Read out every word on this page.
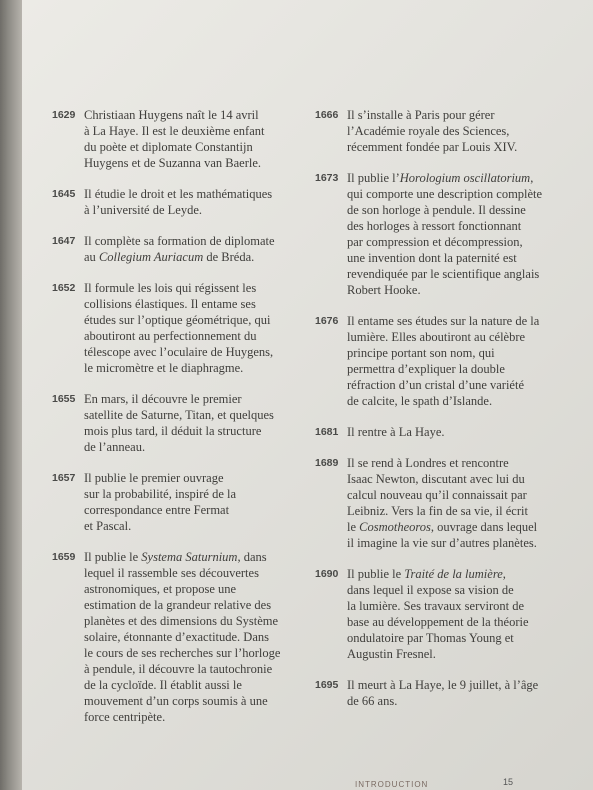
1629 Christiaan Huygens naît le 14 avril
à La Haye. Il est le deuxième enfant
du poète et diplomate Constantijn
Huygens et de Suzanna van Baerle.
1645 Il étudie le droit et les mathématiques
à l’université de Leyde.
1647 Il complète sa formation de diplomate
au Collegium Auriacum de Bréda.
1652 Il formule les lois qui régissent les
collisions élastiques. Il entame ses
études sur l’optique géométrique, qui
aboutiront au perfectionnement du
télescope avec l’oculaire de Huygens,
le micromètre et le diaphragme.
1655 En mars, il découvre le premier
satellite de Saturne, Titan, et quelques
mois plus tard, il déduit la structure
de l’anneau.
1657 Il publie le premier ouvrage
sur la probabilité, inspiré de la
correspondance entre Fermat
et Pascal.
1659 Il publie le Systema Saturnium, dans
lequel il rassemble ses découvertes
astronomiques, et propose une
estimation de la grandeur relative des
planètes et des dimensions du Système
solaire, étonnante d’exactitude. Dans
le cours de ses recherches sur l’horloge
à pendule, il découvre la tautochronie
de la cycloïde. Il établit aussi le
mouvement d’un corps soumis à une
force centripète.
1666 Il s’installe à Paris pour gérer
l’Académie royale des Sciences,
récemment fondée par Louis XIV.
1673 Il publie l’Horologium oscillatorium,
qui comporte une description complète
de son horloge à pendule. Il dessine
des horloges à ressort fonctionnant
par compression et décompression,
une invention dont la paternité est
revendiquée par le scientifique anglais
Robert Hooke.
1676 Il entame ses études sur la nature de la
lumière. Elles aboutiront au célèbre
principe portant son nom, qui
permettra d’expliquer la double
réfraction d’un cristal d’une variété
de calcite, le spath d’Islande.
1681 Il rentre à La Haye.
1689 Il se rend à Londres et rencontre
Isaac Newton, discutant avec lui du
calcul nouveau qu’il connaissait par
Leibniz. Vers la fin de sa vie, il écrit
le Cosmotheoros, ouvrage dans lequel
il imagine la vie sur d’autres planètes.
1690 Il publie le Traité de la lumière,
dans lequel il expose sa vision de
la lumière. Ses travaux serviront de
base au développement de la théorie
ondulatoire par Thomas Young et
Augustin Fresnel.
1695 Il meurt à La Haye, le 9 juillet, à l’âge
de 66 ans.
INTRODUCTION	15
